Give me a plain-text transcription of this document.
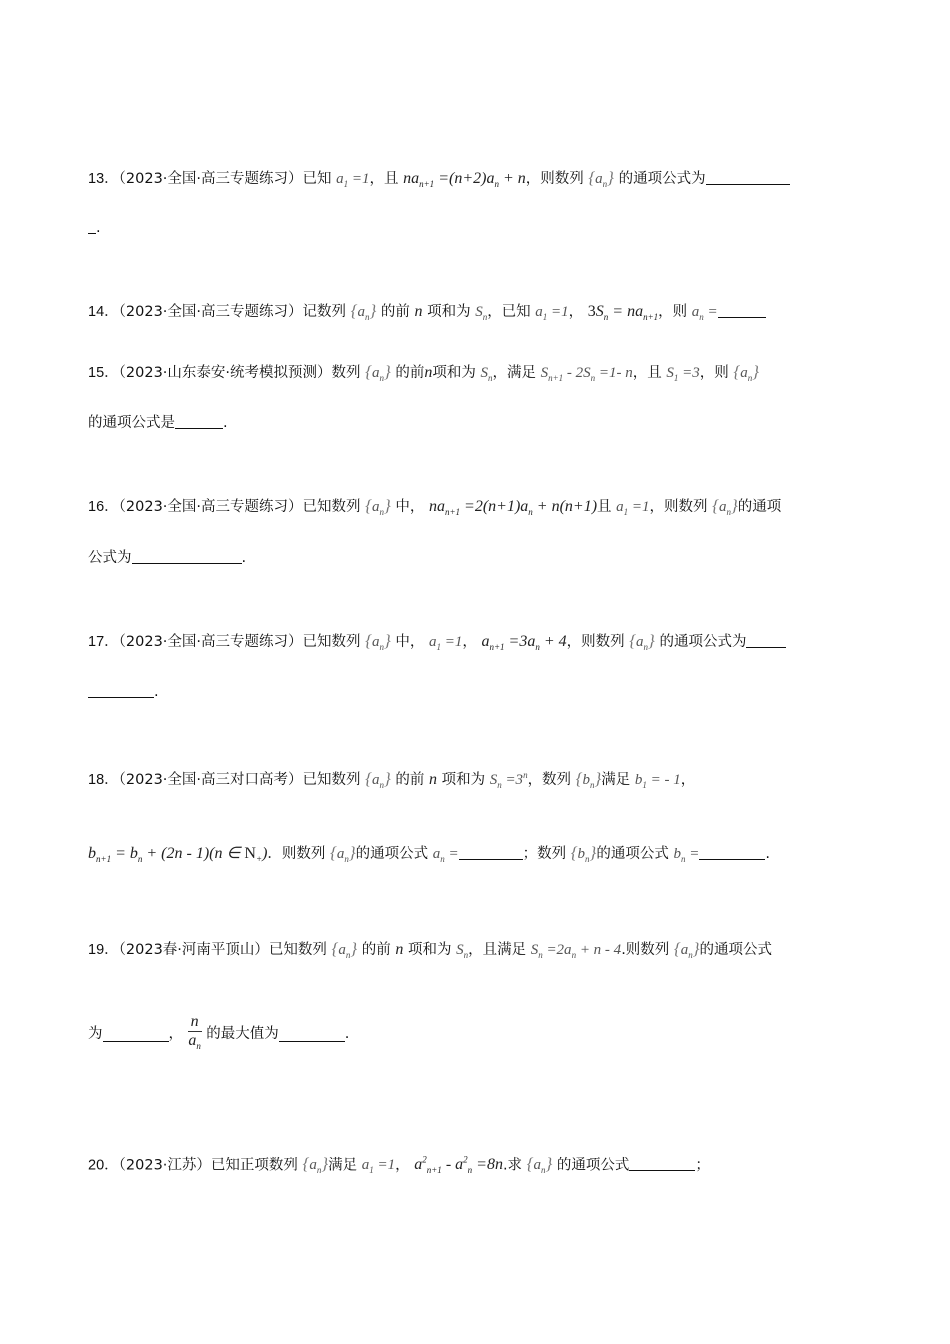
13．（2023·全国·高三专题练习）已知 $a_1 =1$，且 $na_{n+1} =(n+2)a_n + n$，则数列 $\{a_n\}$ 的通项公式为
.
14．（2023·全国·高三专题练习）记数列 $\{a_n\}$ 的前 n 项和为 $S_n$，已知 $a_1 =1$， $3S_n = na_{n+1}$，则 $a_n$ =
15．（2023·山东泰安·统考模拟预测）数列 $\{a_n\}$ 的前n项和为 $S_n$，满足 $S_{n+1} - 2S_n =1-$ n，且 $S_1 =3$，则 $\{a_n\}$
的通项公式是	.
16．（2023·全国·高三专题练习）已知数列 $\{a_n\}$ 中， $na_{n+1} =2(n+1)a_n + n(n+1)$且 $a_1 =1$，则数列 $\{a_n\}$的通项
公式为	.
17．（2023·全国·高三专题练习）已知数列 $\{a_n\}$ 中， $a_1 =1$， $a_{n+1} =3a_n + 4$，则数列 $\{a_n\}$ 的通项公式为
.
18．（2023·全国·高三对口高考）已知数列 $\{a_n\}$ 的前 n 项和为 $S_n =3^n$，数列 $\{b_n\}$满足 $b_1$ = - 1，
$b_{n+1} = b_n + (2n - 1)(n$ ∈ $N_+$)．则数列 $\{a_n\}$的通项公式 $a_n$ =	；数列 $\{b_n\}$的通项公式 $b_n$ =	.
19．（2023春·河南平顶山）已知数列 $\{a_n\}$ 的前 n 项和为 $S_n$，且满足 $S_n =2a_n + n - 4$.则数列 $\{a_n\}$的通项公式
为	， $\frac{n}{a_n}$ 的最大值为	.
20．（2023·江苏）已知正项数列 $\{a_n\}$满足 $a_1 =1$， $a^2_{n+1} - a^2_n =8n$.求 $\{a_n\}$ 的通项公式	；
